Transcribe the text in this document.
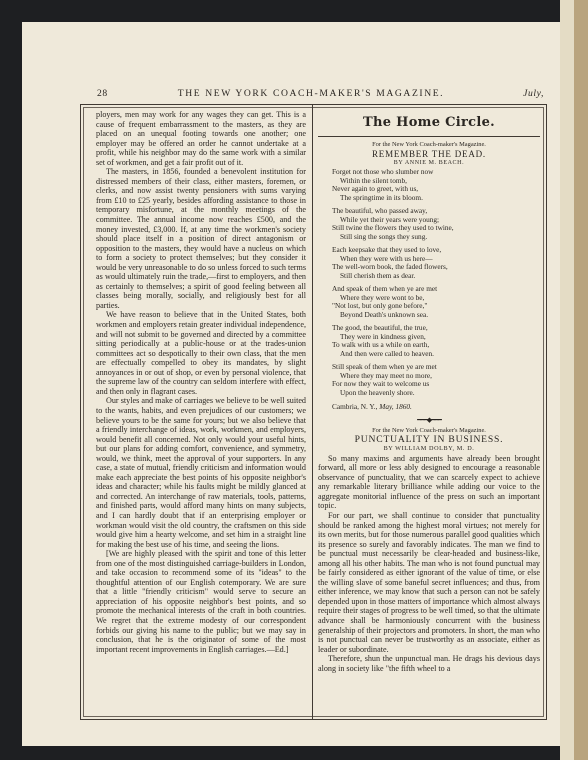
28	THE NEW YORK COACH-MAKER'S MAGAZINE.	July,

ployers, men may work for any wages they can get. This is a cause of frequent embarrassment to the masters, as they are placed on an unequal footing towards one another; one employer may be offered an order he cannot undertake at a profit, while his neighbor may do the same work with a similar set of workmen, and get a fair profit out of it.

The masters, in 1856, founded a benevolent institution for distressed members of their class, either masters, foremen, or clerks, and now assist twenty pensioners with sums varying from £10 to £25 yearly, besides affording assistance to those in temporary misfortune, at the monthly meetings of the committee. The annual income now reaches £500, and the money invested, £3,000. If, at any time the workmen's society should place itself in a position of direct antagonism or opposition to the masters, they would have a nucleus on which to form a society to protect themselves; but they consider it would be very unreasonable to do so unless forced to such terms as would ultimately ruin the trade,—first to employers, and then as certainly to themselves; a spirit of good feeling between all classes being morally, socially, and religiously best for all parties.

We have reason to believe that in the United States, both workmen and employers retain greater individual independence, and will not submit to be governed and directed by a committee sitting periodically at a public-house or at the trades-union committees act so despotically to their own class, that the men are effectually compelled to obey its mandates, by slight annoyances in or out of shop, or even by personal violence, that the supreme law of the country can seldom interfere with effect, and then only in flagrant cases.

Our styles and make of carriages we believe to be well suited to the wants, habits, and even prejudices of our customers; we believe yours to be the same for yours; but we also believe that a friendly interchange of ideas, work, workmen, and employers, would benefit all concerned. Not only would your useful hints, but our plans for adding comfort, convenience, and symmetry, would, we think, meet the approval of your supporters. In any case, a state of mutual, friendly criticism and information would make each appreciate the best points of his opposite neighbor's ideas and character; while his faults might be mildly glanced at and corrected. An interchange of raw materials, tools, patterns, and finished parts, would afford many hints on many subjects, and I can hardly doubt that if an enterprising employer or workman would visit the old country, the craftsmen on this side would give him a hearty welcome, and set him in a straight line for making the best use of his time, and seeing the lions.

[We are highly pleased with the spirit and tone of this letter from one of the most distinguished carriage-builders in London, and take occasion to recommend some of its "ideas" to the thoughtful attention of our English cotemporary. We are sure that a little "friendly criticism" would serve to secure an appreciation of his opposite neighbor's best points, and so promote the mechanical interests of the craft in both countries. We regret that the extreme modesty of our correspondent forbids our giving his name to the public; but we may say in conclusion, that he is the originator of some of the most important recent improvements in English carriages.—Ed.]

The Home Circle.

For the New York Coach-maker's Magazine.

REMEMBER THE DEAD.

BY ANNIE M. BEACH.

Forget not those who slumber now
Within the silent tomb,
Never again to greet, with us,
The springtime in its bloom.
The beautiful, who passed away,
While yet their years were young;
Still twine the flowers they used to twine,
Still sing the songs they sung.
Each keepsake that they used to love,
When they were with us here—
The well-worn book, the faded flowers,
Still cherish them as dear.
And speak of them when ye are met
Where they were wont to be,
"Not lost, but only gone before,"
Beyond Death's unknown sea.
The good, the beautiful, the true,
They were in kindness given,
To walk with us a while on earth,
And then were called to heaven.
Still speak of them when ye are met
Where they may meet no more,
For now they wait to welcome us
Upon the heavenly shore.
Cambria, N. Y., May, 1860.
━━━◆━━━

For the New York Coach-maker's Magazine.

PUNCTUALITY IN BUSINESS.

BY WILLIAM DOLBY, M. D.

So many maxims and arguments have already been brought forward, all more or less ably designed to encourage a reasonable observance of punctuality, that we can scarcely expect to achieve any remarkable literary brilliance while adding our voice to the aggregate monitorial influence of the press on such an important topic.

For our part, we shall continue to consider that punctuality should be ranked among the highest moral virtues; not merely for its own merits, but for those numerous parallel good qualities which its presence so surely and favorably indicates. The man we find to be punctual must necessarily be clear-headed and business-like, among all his other habits. The man who is not found punctual may be fairly considered as either ignorant of the value of time, or else the willing slave of some baneful secret influences; and thus, from either inference, we may know that such a person can not be safely depended upon in those matters of importance which almost always require their stages of progress to be well timed, so that the ultimate advance shall be harmoniously concurrent with the business generalship of their projectors and promoters. In short, the man who is not punctual can never be trustworthy as an associate, either as leader or subordinate.

Therefore, shun the unpunctual man. He drags his devious days along in society like "the fifth wheel to a
